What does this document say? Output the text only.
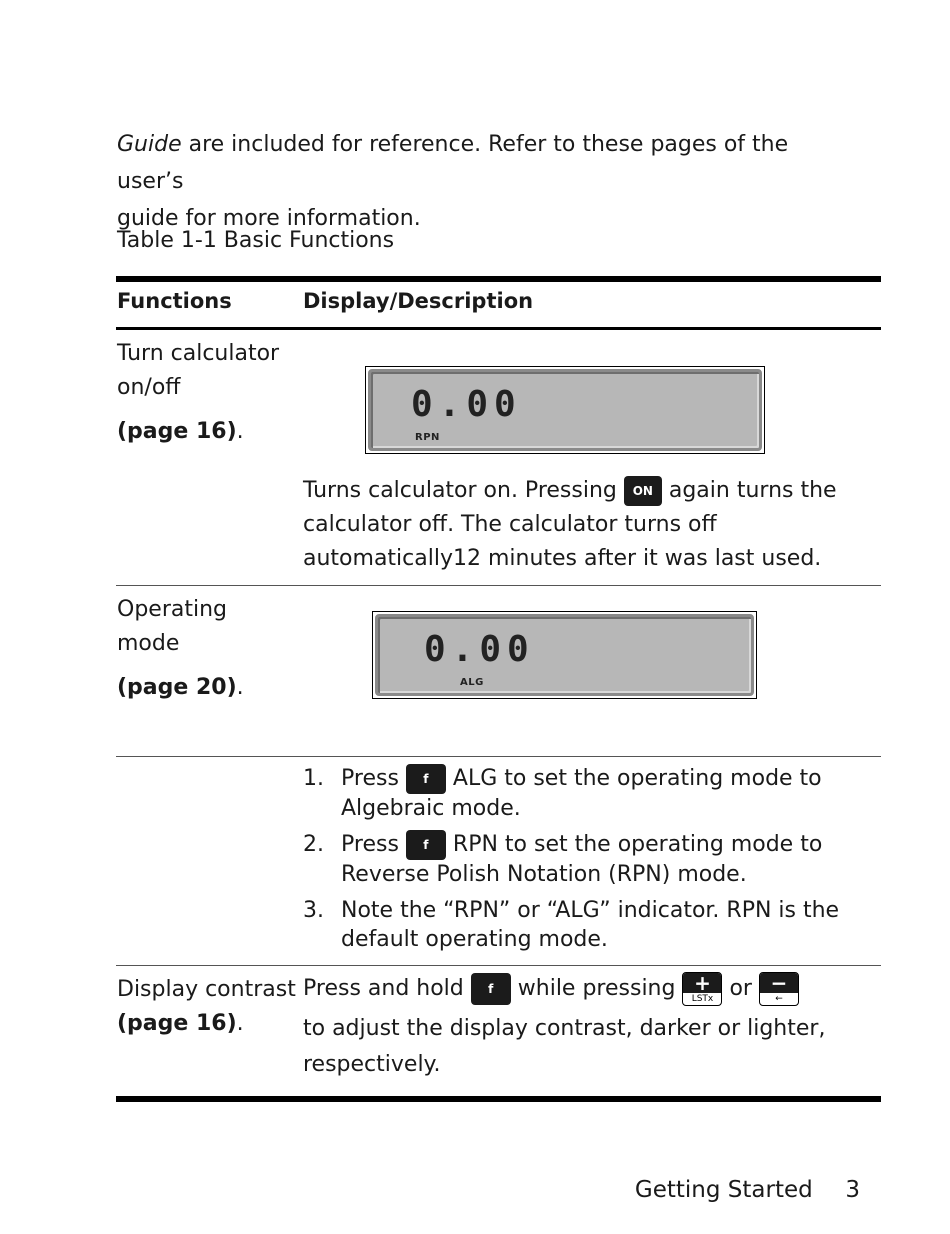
Guide are included for reference. Refer to these pages of the user’s
guide for more information.
Table 1-1 Basic Functions
Functions	Display/Description
Turn calculator
on/off
(page 16).
0.00
RPN
Turns calculator on. Pressing ON again turns the
calculator off. The calculator turns off
automatically12 minutes after it was last used.
Operating
mode
(page 20).
0.00
ALG
1. Press f ALG to set the operating mode to
Algebraic mode.
2. Press f RPN to set the operating mode to
Reverse Polish Notation (RPN) mode.
3. Note the “RPN” or “ALG” indicator. RPN is the
default operating mode.
Display contrast
(page 16).
Press and hold f while pressing +
LSTx or −
←
to adjust the display contrast, darker or lighter,
respectively.
Getting Started 3
